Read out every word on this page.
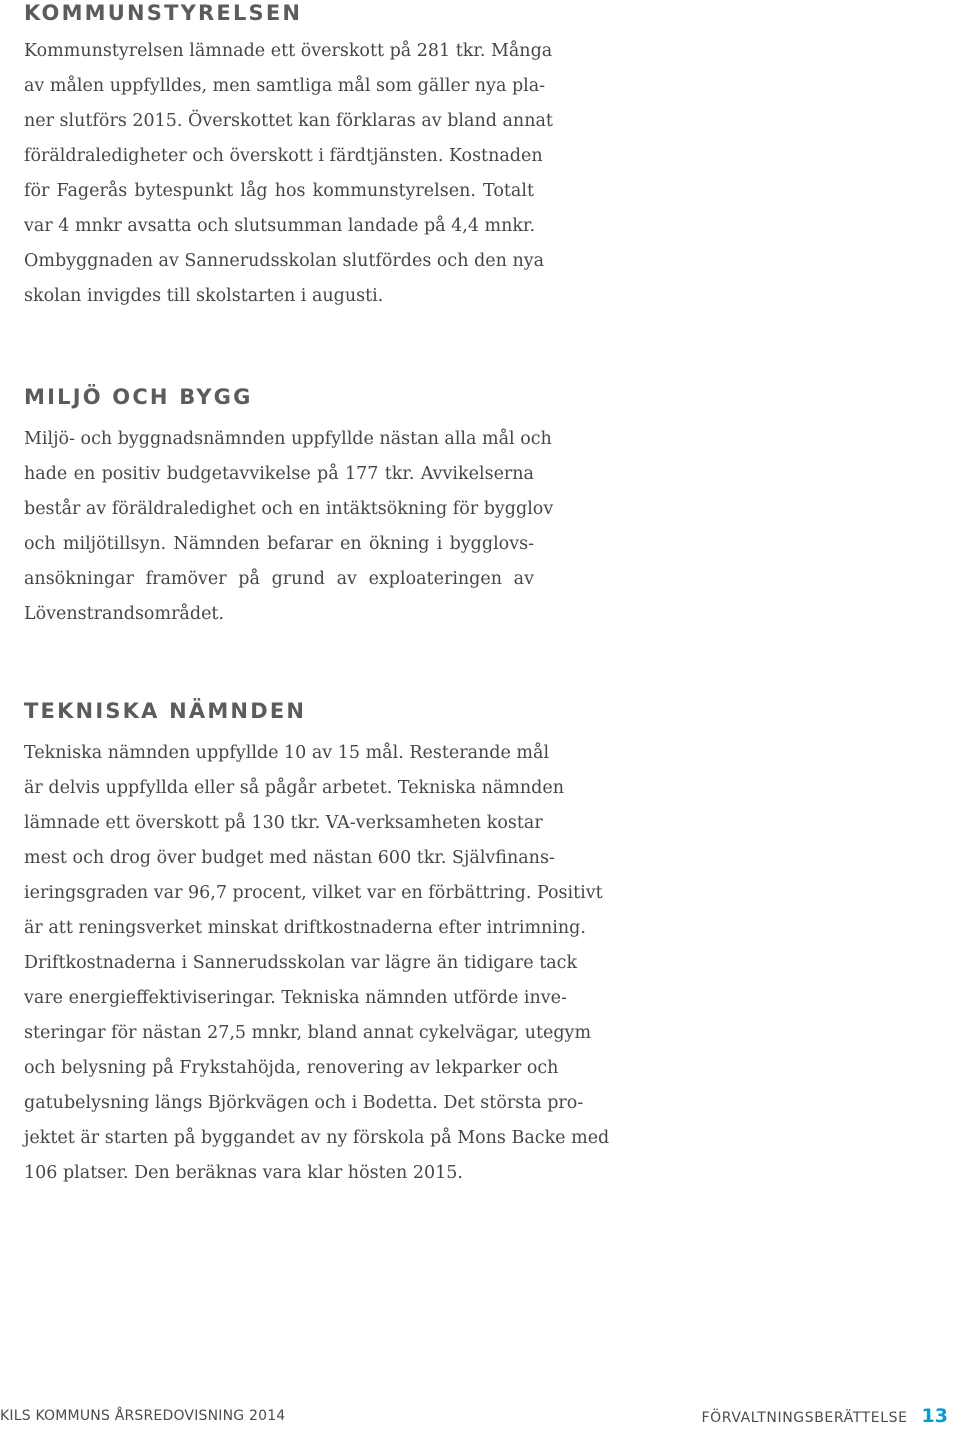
KOMMUNSTYRELSEN
Kommunstyrelsen lämnade ett överskott på 281 tkr. Många
av målen uppfylldes, men samtliga mål som gäller nya pla-
ner slutförs 2015. Överskottet kan förklaras av bland annat
föräldraledigheter och överskott i färdtjänsten. Kostnaden
för Fagerås bytespunkt låg hos kommunstyrelsen. Totalt
var 4 mnkr avsatta och slutsumman landade på 4,4 mnkr.
Ombyggnaden av Sannerudsskolan slutfördes och den nya
skolan invigdes till skolstarten i augusti.
MILJÖ OCH BYGG
Miljö- och byggnadsnämnden uppfyllde nästan alla mål och
hade en positiv budgetavvikelse på 177 tkr. Avvikelserna
består av föräldraledighet och en intäktsökning för bygglov
och miljötillsyn. Nämnden befarar en ökning i bygglovs-
ansökningar framöver på grund av exploateringen av
Lövenstrandsområdet.
TEKNISKA NÄMNDEN
Tekniska nämnden uppfyllde 10 av 15 mål. Resterande mål
är delvis uppfyllda eller så pågår arbetet. Tekniska nämnden
lämnade ett överskott på 130 tkr. VA-verksamheten kostar
mest och drog över budget med nästan 600 tkr. Självfinans-
ieringsgraden var 96,7 procent, vilket var en förbättring. Positivt
är att reningsverket minskat driftkostnaderna efter intrimning.
Driftkostnaderna i Sannerudsskolan var lägre än tidigare tack
vare energieffektiviseringar. Tekniska nämnden utförde inve-
steringar för nästan 27,5 mnkr, bland annat cykelvägar, utegym
och belysning på Frykstahöjda, renovering av lekparker och
gatubelysning längs Björkvägen och i Bodetta. Det största pro-
jektet är starten på byggandet av ny förskola på Mons Backe med
106 platser. Den beräknas vara klar hösten 2015.
KILS KOMMUNS ÅRSREDOVISNING 2014	FÖRVALTNINGSBERÄTTELSE 13
